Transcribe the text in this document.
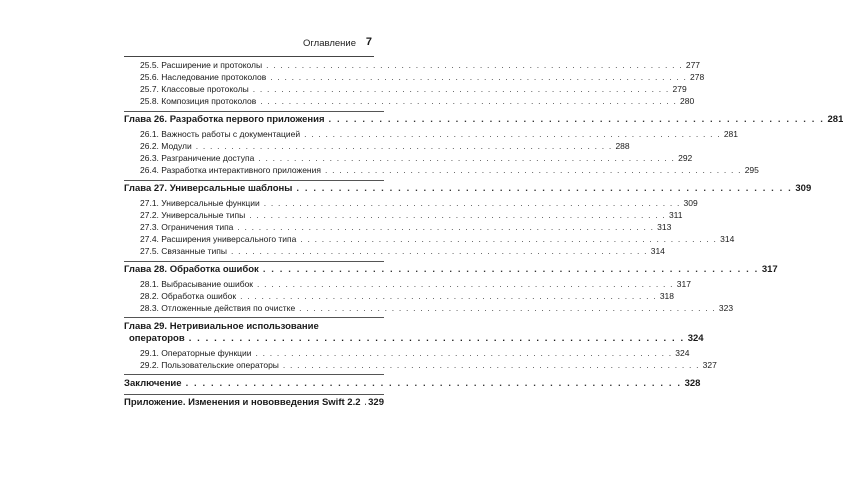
Оглавление 7
25.5. Расширение и протоколы . . . . . . . . . . . . . . . . . . . . . . . . . . . . . . . . . . . . . . . . . . . . . . . . . . . . . . . . . . . 277
25.6. Наследование протоколов . . . . . . . . . . . . . . . . . . . . . . . . . . . . . . . . . . . . . . . . . . . . . . . . . . . . . . . . . . . 278
25.7. Классовые протоколы . . . . . . . . . . . . . . . . . . . . . . . . . . . . . . . . . . . . . . . . . . . . . . . . . . . . . . . . . . . 279
25.8. Композиция протоколов . . . . . . . . . . . . . . . . . . . . . . . . . . . . . . . . . . . . . . . . . . . . . . . . . . . . . . . . . . . 280
Глава 26. Разработка первого приложения . . . . . . . . . . . . . . . . . . . . . . . . . . . . . . . . . . . . . . . . . . . . . . . . . . . . . . . . . . . 281
26.1. Важность работы с документацией . . . . . . . . . . . . . . . . . . . . . . . . . . . . . . . . . . . . . . . . . . . . . . . . . . . . . . . . . . . 281
26.2. Модули . . . . . . . . . . . . . . . . . . . . . . . . . . . . . . . . . . . . . . . . . . . . . . . . . . . . . . . . . . . 288
26.3. Разграничение доступа . . . . . . . . . . . . . . . . . . . . . . . . . . . . . . . . . . . . . . . . . . . . . . . . . . . . . . . . . . . 292
26.4. Разработка интерактивного приложения . . . . . . . . . . . . . . . . . . . . . . . . . . . . . . . . . . . . . . . . . . . . . . . . . . . . . . . . . . . 295
Глава 27. Универсальные шаблоны . . . . . . . . . . . . . . . . . . . . . . . . . . . . . . . . . . . . . . . . . . . . . . . . . . . . . . . . . . . 309
27.1. Универсальные функции . . . . . . . . . . . . . . . . . . . . . . . . . . . . . . . . . . . . . . . . . . . . . . . . . . . . . . . . . . . 309
27.2. Универсальные типы . . . . . . . . . . . . . . . . . . . . . . . . . . . . . . . . . . . . . . . . . . . . . . . . . . . . . . . . . . . 311
27.3. Ограничения типа . . . . . . . . . . . . . . . . . . . . . . . . . . . . . . . . . . . . . . . . . . . . . . . . . . . . . . . . . . . 313
27.4. Расширения универсального типа . . . . . . . . . . . . . . . . . . . . . . . . . . . . . . . . . . . . . . . . . . . . . . . . . . . . . . . . . . . 314
27.5. Связанные типы . . . . . . . . . . . . . . . . . . . . . . . . . . . . . . . . . . . . . . . . . . . . . . . . . . . . . . . . . . . 314
Глава 28. Обработка ошибок . . . . . . . . . . . . . . . . . . . . . . . . . . . . . . . . . . . . . . . . . . . . . . . . . . . . . . . . . . . 317
28.1. Выбрасывание ошибок . . . . . . . . . . . . . . . . . . . . . . . . . . . . . . . . . . . . . . . . . . . . . . . . . . . . . . . . . . . 317
28.2. Обработка ошибок . . . . . . . . . . . . . . . . . . . . . . . . . . . . . . . . . . . . . . . . . . . . . . . . . . . . . . . . . . . 318
28.3. Отложенные действия по очистке . . . . . . . . . . . . . . . . . . . . . . . . . . . . . . . . . . . . . . . . . . . . . . . . . . . . . . . . . . . 323
Глава 29. Нетривиальное использование
операторов . . . . . . . . . . . . . . . . . . . . . . . . . . . . . . . . . . . . . . . . . . . . . . . . . . . . . . . . . . . 324
29.1. Операторные функции . . . . . . . . . . . . . . . . . . . . . . . . . . . . . . . . . . . . . . . . . . . . . . . . . . . . . . . . . . . 324
29.2. Пользовательские операторы . . . . . . . . . . . . . . . . . . . . . . . . . . . . . . . . . . . . . . . . . . . . . . . . . . . . . . . . . . . 327
Заключение . . . . . . . . . . . . . . . . . . . . . . . . . . . . . . . . . . . . . . . . . . . . . . . . . . . . . . . . . . . 328
Приложение. Изменения и нововведения Swift 2.2 329
